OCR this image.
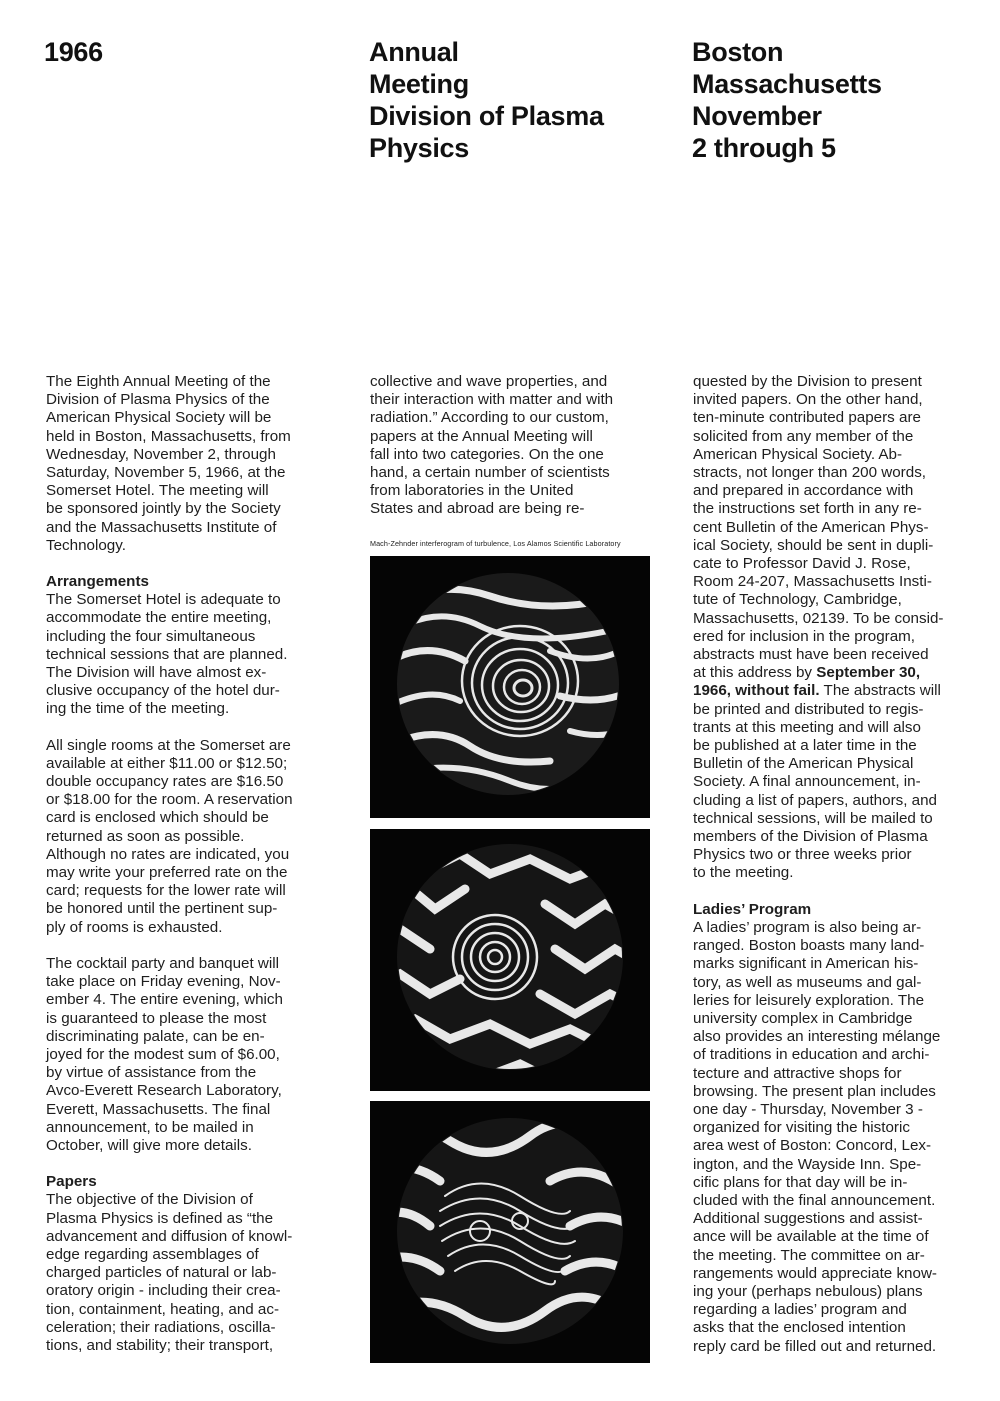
1966	Annual
Meeting
Division of Plasma
Physics
Boston
Massachusetts
November
2 through 5

The Eighth Annual Meeting of the
Division of Plasma Physics of the
American Physical Society will be
held in Boston, Massachusetts, from
Wednesday, November 2, through
Saturday, November 5, 1966, at the
Somerset Hotel. The meeting will
be sponsored jointly by the Society
and the Massachusetts Institute of
Technology.

Arrangements

The Somerset Hotel is adequate to
accommodate the entire meeting,
including the four simultaneous
technical sessions that are planned.
The Division will have almost ex-
clusive occupancy of the hotel dur-
ing the time of the meeting.

All single rooms at the Somerset are
available at either $11.00 or $12.50;
double occupancy rates are $16.50
or $18.00 for the room. A reservation
card is enclosed which should be
returned as soon as possible.
Although no rates are indicated, you
may write your preferred rate on the
card; requests for the lower rate will
be honored until the pertinent sup-
ply of rooms is exhausted.

The cocktail party and banquet will
take place on Friday evening, Nov-
ember 4. The entire evening, which
is guaranteed to please the most
discriminating palate, can be en-
joyed for the modest sum of $6.00,
by virtue of assistance from the
Avco-Everett Research Laboratory,
Everett, Massachusetts. The final
announcement, to be mailed in
October, will give more details.

Papers

The objective of the Division of
Plasma Physics is defined as “the
advancement and diffusion of knowl-
edge regarding assemblages of
charged particles of natural or lab-
oratory origin - including their crea-
tion, containment, heating, and ac-
celeration; their radiations, oscilla-
tions, and stability; their transport,

collective and wave properties, and
their interaction with matter and with
radiation.” According to our custom,
papers at the Annual Meeting will
fall into two categories. On the one
hand, a certain number of scientists
from laboratories in the United
States and abroad are being re-

Mach-Zehnder interferogram of turbulence, Los Alamos Scientific Laboratory

quested by the Division to present
invited papers. On the other hand,
ten-minute contributed papers are
solicited from any member of the
American Physical Society. Ab-
stracts, not longer than 200 words,
and prepared in accordance with
the instructions set forth in any re-
cent Bulletin of the American Phys-
ical Society, should be sent in dupli-
cate to Professor David J. Rose,
Room 24-207, Massachusetts Insti-
tute of Technology, Cambridge,
Massachusetts, 02139. To be consid-
ered for inclusion in the program,
abstracts must have been received
at this address by September 30,
1966, without fail. The abstracts will
be printed and distributed to regis-
trants at this meeting and will also
be published at a later time in the
Bulletin of the American Physical
Society. A final announcement, in-
cluding a list of papers, authors, and
technical sessions, will be mailed to
members of the Division of Plasma
Physics two or three weeks prior
to the meeting.

Ladies’ Program

A ladies’ program is also being ar-
ranged. Boston boasts many land-
marks significant in American his-
tory, as well as museums and gal-
leries for leisurely exploration. The
university complex in Cambridge
also provides an interesting mélange
of traditions in education and archi-
tecture and attractive shops for
browsing. The present plan includes
one day - Thursday, November 3 -
organized for visiting the historic
area west of Boston: Concord, Lex-
ington, and the Wayside Inn. Spe-
cific plans for that day will be in-
cluded with the final announcement.
Additional suggestions and assist-
ance will be available at the time of
the meeting. The committee on ar-
rangements would appreciate know-
ing your (perhaps nebulous) plans
regarding a ladies’ program and
asks that the enclosed intention
reply card be filled out and returned.
